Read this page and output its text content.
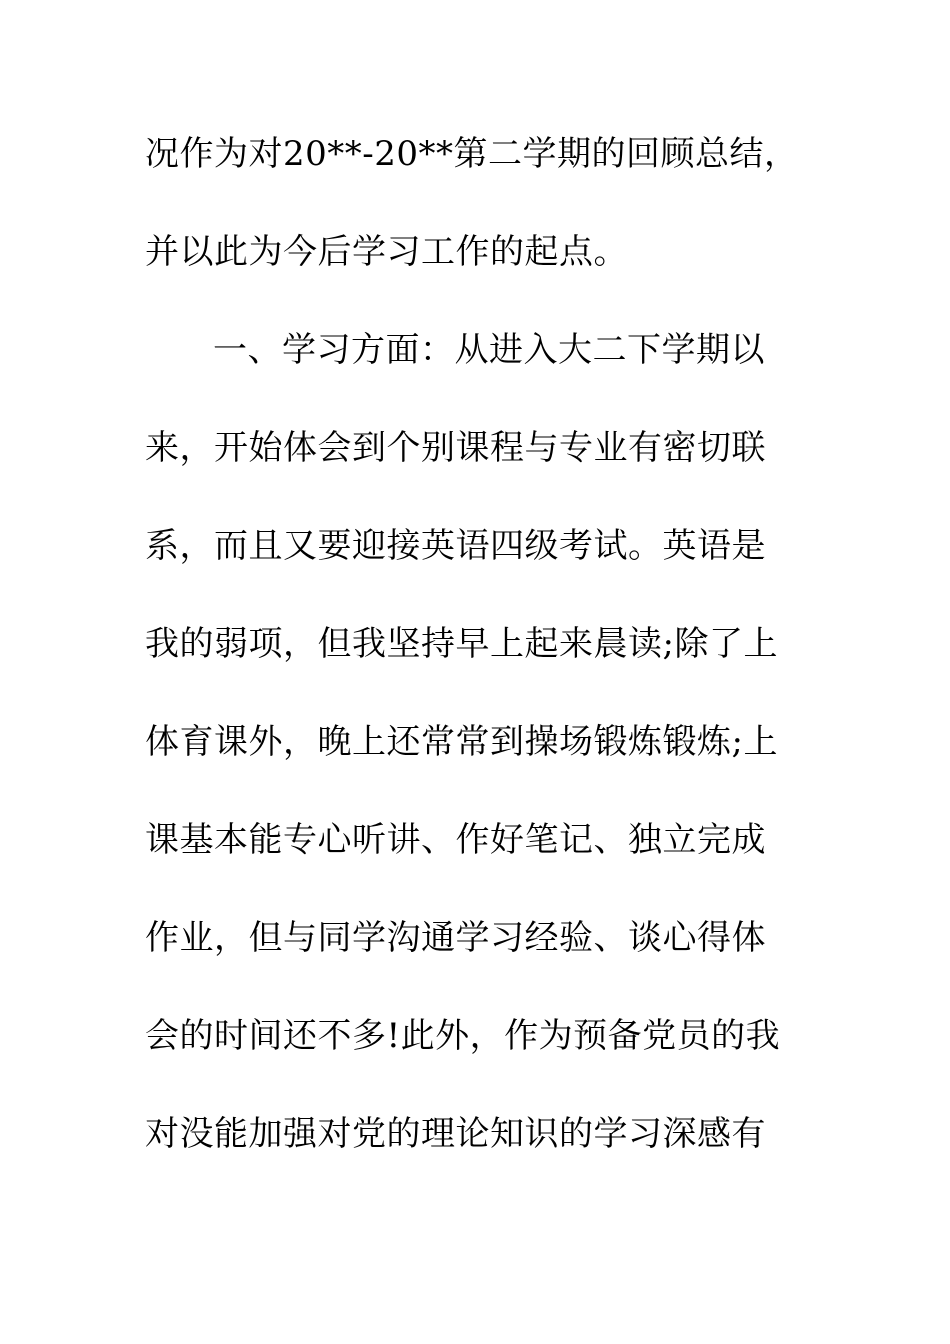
况作为对20**-20**第二学期的回顾总结，
并以此为今后学习工作的起点。
一、学习方面：从进入大二下学期以
来，开始体会到个别课程与专业有密切联
系，而且又要迎接英语四级考试。英语是
我的弱项，但我坚持早上起来晨读;除了上
体育课外，晚上还常常到操场锻炼锻炼;上
课基本能专心听讲、作好笔记、独立完成
作业，但与同学沟通学习经验、谈心得体
会的时间还不多!此外，作为预备党员的我
对没能加强对党的理论知识的学习深感有
